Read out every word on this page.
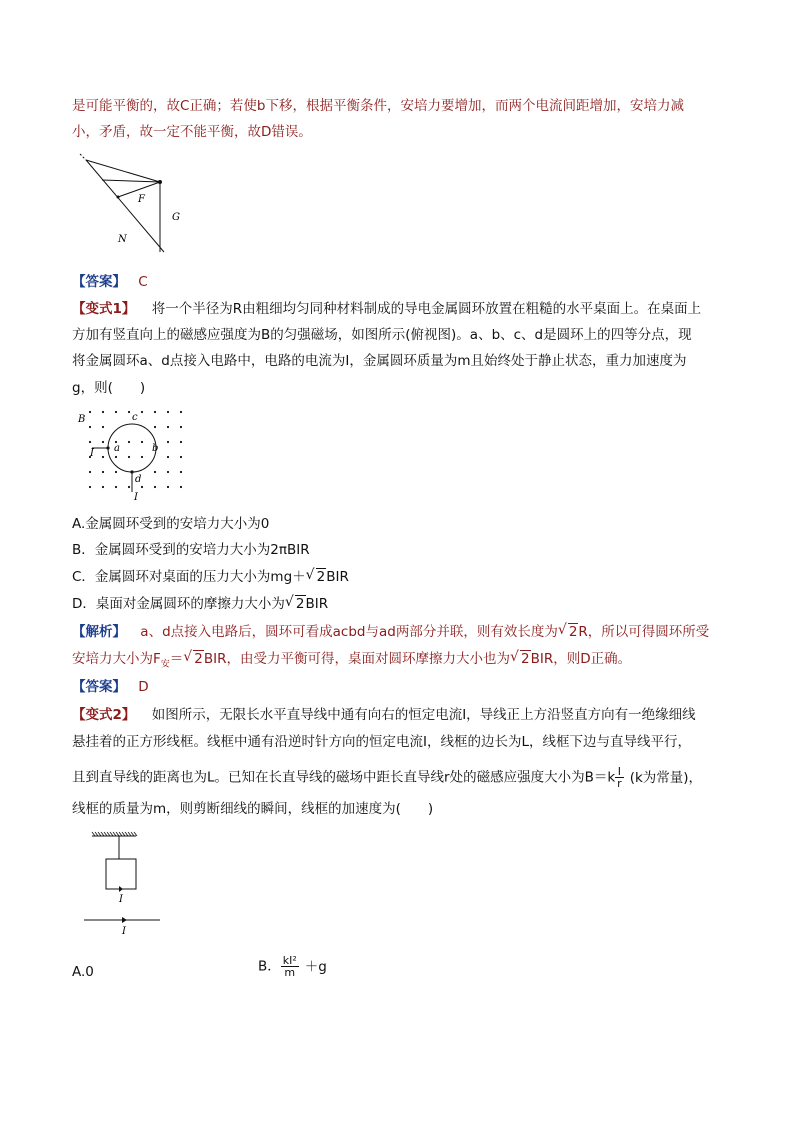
是可能平衡的，故C正确；若使b下移，根据平衡条件，安培力要增加，而两个电流间距增加，安培力减
小，矛盾，故一定不能平衡，故D错误。
F
G
N
【答案】 C
【变式1】 将一个半径为R由粗细均匀同种材料制成的导电金属圆环放置在粗糙的水平桌面上。在桌面上
方加有竖直向上的磁感应强度为B的匀强磁场，如图所示(俯视图)。a、b、c、d是圆环上的四等分点，现
将金属圆环a、d点接入电路中，电路的电流为I，金属圆环质量为m且始终处于静止状态，重力加速度为
g，则(　　)
B
a	b
c
d
I
I
A.金属圆环受到的安培力大小为0
B．金属圆环受到的安培力大小为2πBIR
C．金属圆环对桌面的压力大小为mg＋ √ 2BIR
D．桌面对金属圆环的摩擦力大小为 √ 2BIR
【解析】 a、d点接入电路后，圆环可看成acbd与ad两部分并联，则有效长度为 √ 2R，所以可得圆环所受
安培力大小为$F_安=$ √ 2BIR，由受力平衡可得，桌面对圆环摩擦力大小也为 √ 2BIR，则D正确。
【答案】 D
【变式2】 如图所示，无限长水平直导线中通有向右的恒定电流I，导线正上方沿竖直方向有一绝缘细线
悬挂着的正方形线框。线框中通有沿逆时针方向的恒定电流I，线框的边长为L，线框下边与直导线平行，
且到直导线的距离也为L。已知在长直导线的磁场中距长直导线r处的磁感应强度大小为$B=k \frac{I}{r} (k$为常量)，
线框的质量为m，则剪断细线的瞬间，线框的加速度为(　　)
I
I
A.0	B． $\frac{\text{kI²}}{m} +g$
